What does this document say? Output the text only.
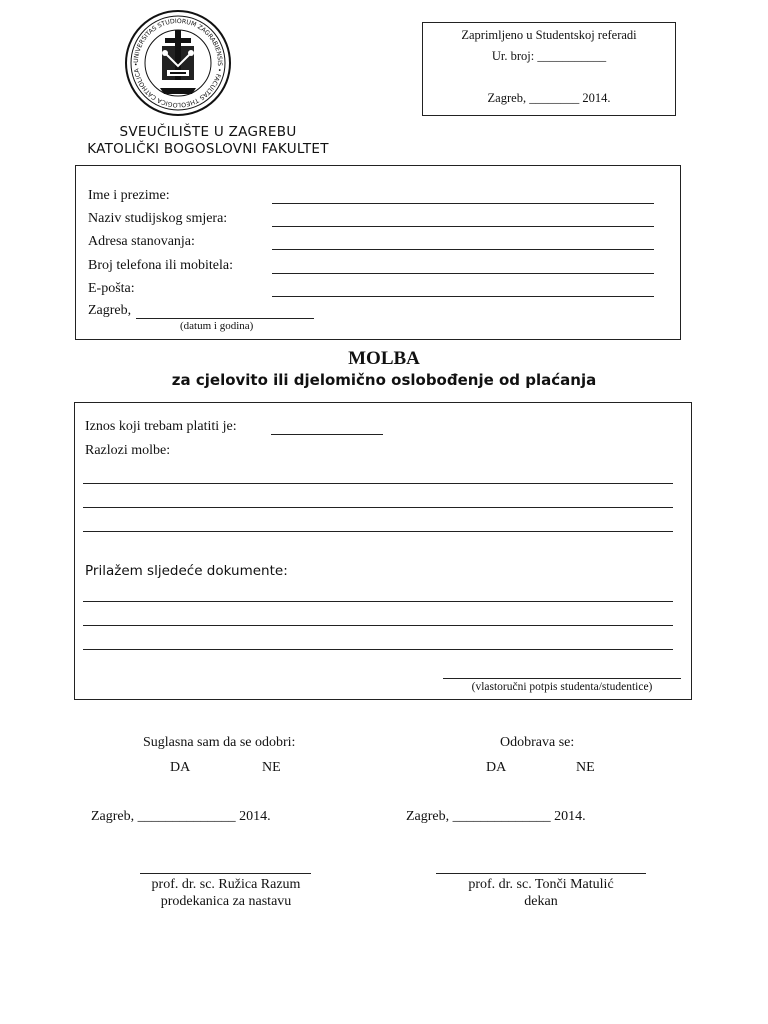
UNIVERSITAS STUDIORUM ZAGRABIENSIS • FACULTAS THEOLOGICA CATHOLICA •
SVEUČILIŠTE U ZAGREBU
KATOLIČKI BOGOSLOVNI FAKULTET
Zaprimljeno u Studentskoj referadi
Ur. broj: ___________
Zagreb, ________ 2014.
Ime i prezime:
Naziv studijskog smjera:
Adresa stanovanja:
Broj telefona ili mobitela:
E-pošta:
Zagreb,
(datum i godina)
MOLBA
za cjelovito ili djelomično oslobođenje od plaćanja
Iznos koji trebam platiti je:
Razlozi molbe:
Prilažem sljedeće dokumente:
(vlastoručni potpis studenta/studentice)
Suglasna sam da se odobri:
DA	NE
Zagreb, ______________ 2014.
prof. dr. sc. Ružica Razum
prodekanica za nastavu
Odobrava se:
DA	NE
Zagreb, ______________ 2014.
prof. dr. sc. Tonči Matulić
dekan
